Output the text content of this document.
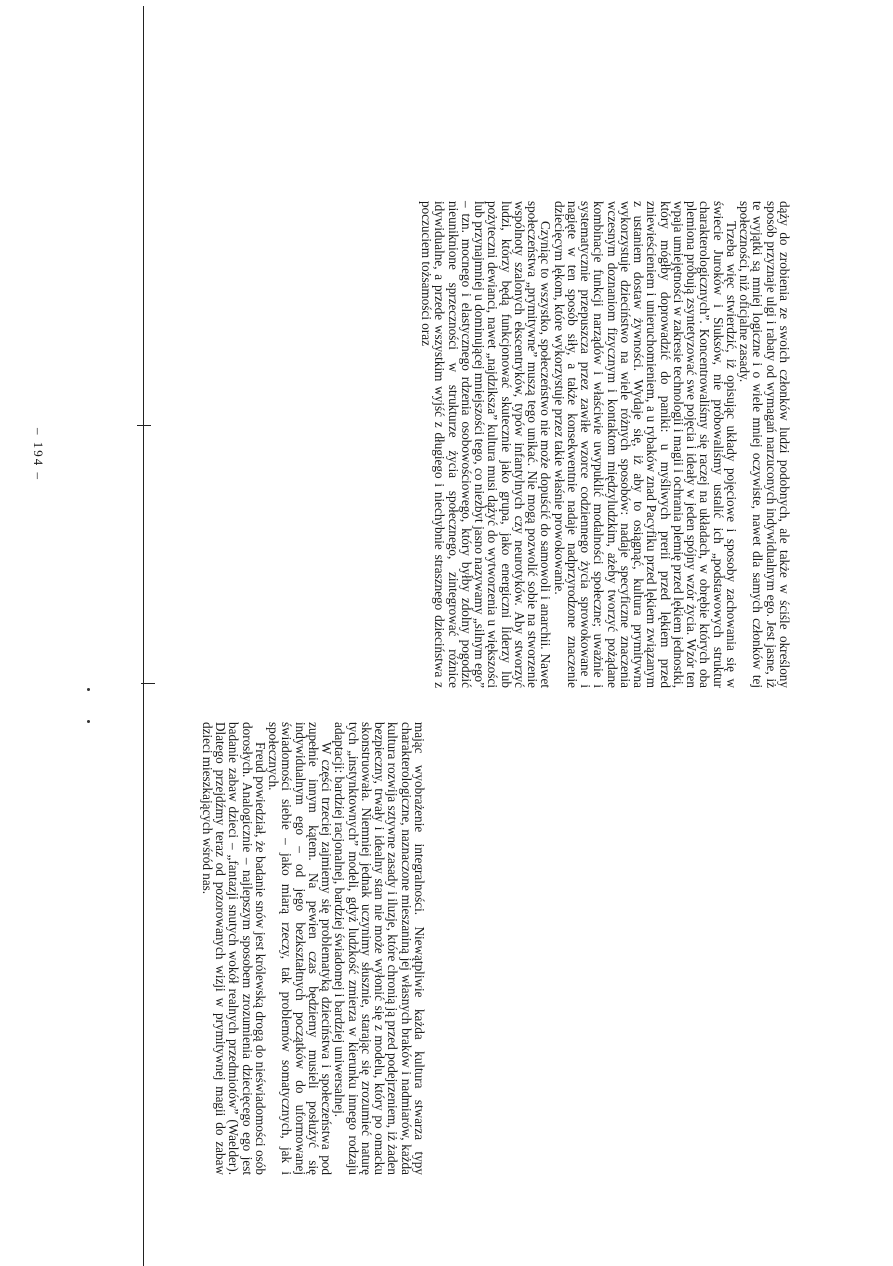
dąży do zrobienia ze swoich członków ludzi podobnych, ale także w ściśle określony sposób przyznaje ulgi i rabaty od wymagań narzuconych indywidualnym ego. Jest jasne, iż te wyjątki są mniej logiczne i o wiele mniej oczywiste, nawet dla samych członków tej społeczności, niż oficjalne zasady.

Trzeba więc stwierdzić, iż opisując układy pojęciowe i sposoby zachowania się w świecie Juroków i Siuksów, nie próbowaliśmy ustalić ich „podstawowych struktur charakterologicznych”. Koncentrowaliśmy się raczej na układach, w obrębie których oba plemiona próbują zsyntetyzować swe pojęcia i ideały w jeden spójny wzór życia. Wzór ten wpaja umiejętności w zakresie technologii i magii i ochrania plemię przed lękiem jednostki, który mógłby doprowadzić do paniki: u myśliwych prerii przed lękiem przed zniewieścieniem i unieruchomieniem, a u rybaków znad Pacyfiku przed lękiem związanym z ustaniem dostaw żywności. Wydaje się, iż aby to osiągnąć, kultura prymitywna wykorzystuje dzieciństwo na wiele różnych sposobów: nadaje specyficzne znaczenia wczesnym doznaniom fizycznym i kontaktom międzyludzkim, ażeby tworzyć pożądane kombinacje funkcji narządów i właściwie uwypuklić modalności społeczne; uważnie i systematycznie przepuszcza przez zawiłe wzorce codziennego życia sprowokowane i nagięte w ten sposób siły, a także konsekwentnie nadaje nadprzyrodzone znaczenie dziecięcym lękom, które wykorzystuje przez takie właśnie prowokowanie.

Czyniąc to wszystko, społeczeństwo nie może dopuścić do samowoli i anarchii. Nawet społeczeństwa „prymitywne” muszą tego unikać. Nie mogą pozwolić sobie na stworzenie wspólnoty szalonych ekscentryków, typów infantylnych czy neurotyków. Aby stworzyć ludzi, którzy będą funkcjonować skutecznie jako grupa, jako energiczni liderzy lub pożyteczni dewianci, nawet „najdziksza” kultura musi dążyć do wytworzenia u większości lub przynajmniej u dominującej mniejszości tego, co niezbyt jasno nazywamy „silnym ego” – tzn. mocnego i elastycznego rdzenia osobowościowego, który byłby zdolny pogodzić nieuniknione sprzeczności w strukturze życia społecznego, zintegrować różnice idywidualne, a przede wszystkim wyjść z długiego i niechybnie strasznego dzieciństwa z poczuciem tożsamości oraz

mając wyobrażenie integralności. Niewątpliwie każda kultura stwarza typy charakterologiczne, naznaczone mieszaniną jej własnych braków i nadmiarów, każda kultura rozwija sztywne zasady i iluzje, które chronią ją przed podejrzeniem, iż żaden bezpieczny, trwały i idealny stan nie może wyłonić się z modelu, który po omacku skonstruowała. Niemniej jednak uczynimy słusznie, starając się zrozumieć naturę tych „instynktownych” modeli, gdyż ludzkość zmierza w kierunku innego rodzaju adaptacji: bardziej racjonalnej, bardziej świadomej i bardziej uniwersalnej.

W części trzeciej zajmiemy się problematyką dzieciństwa i społeczeństwa pod zupełnie innym kątem. Na pewien czas będziemy musieli posłużyć się indywidualnym ego – od jego bezkształtnych początków do uformowanej świadomości siebie – jako miarą rzeczy, tak problemów somatycznych, jak i społecznych.

Freud powiedział, że badanie snów jest królewską drogą do nieświadomości osób dorosłych. Analogicznie – najlepszym sposobem zrozumienia dziecięcego ego jest badanie zabaw dzieci – „fantazji snutych wokół realnych przedmiotów” (Waelder). Dlatego przejdźmy teraz od pozorowanych wizji w prymitywnej magii do zabaw dzieci mieszkających wśród nas.

– 194 –
